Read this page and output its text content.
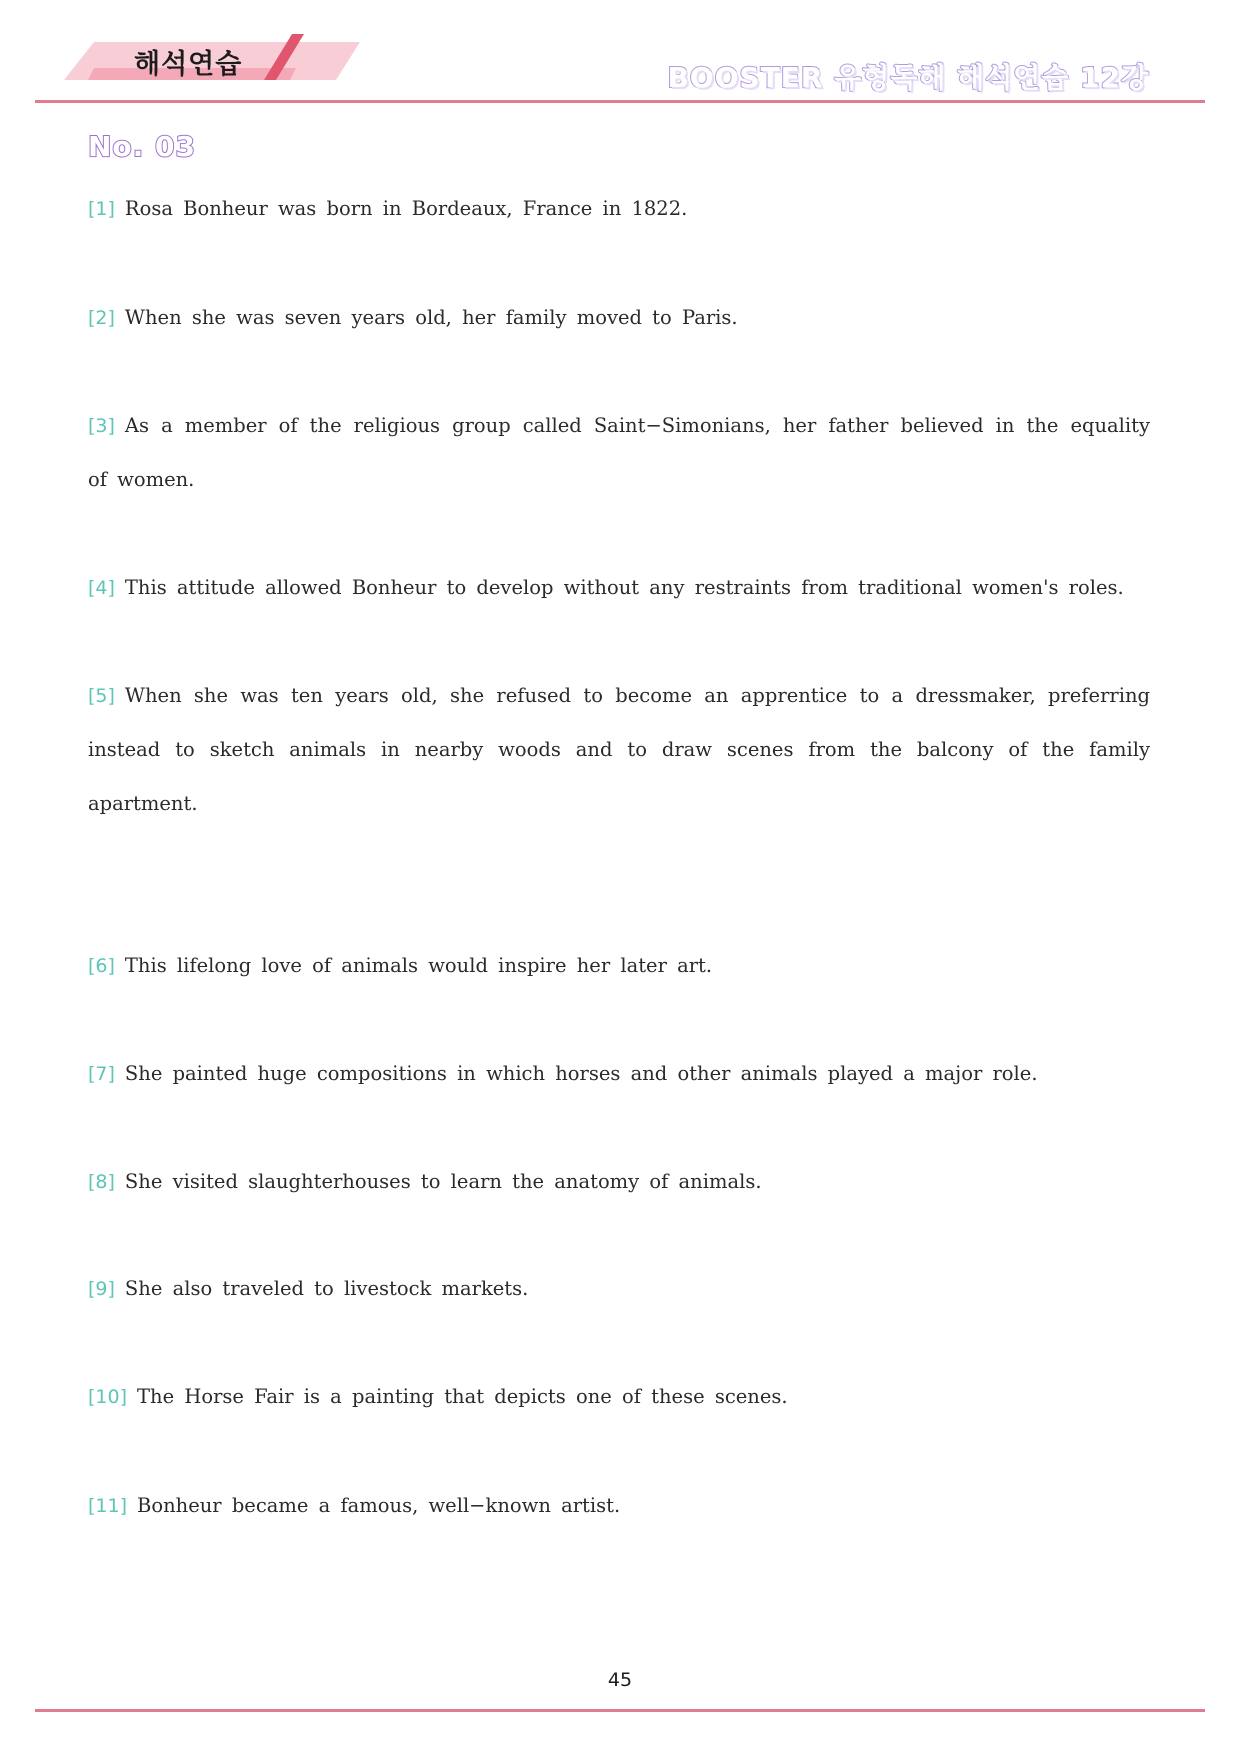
해석연습	BOOSTER 유형독해 해석연습 12강
No. 03
[1] Rosa Bonheur was born in Bordeaux, France in 1822.
[2] When she was seven years old, her family moved to Paris.
[3] As a member of the religious group called Saint−Simonians, her father believed in the equality of women.
[4] This attitude allowed Bonheur to develop without any restraints from traditional women's roles.
[5] When she was ten years old, she refused to become an apprentice to a dressmaker, preferring instead to sketch animals in nearby woods and to draw scenes from the balcony of the family apartment.
[6] This lifelong love of animals would inspire her later art.
[7] She painted huge compositions in which horses and other animals played a major role.
[8] She visited slaughterhouses to learn the anatomy of animals.
[9] She also traveled to livestock markets.
[10] The Horse Fair is a painting that depicts one of these scenes.
[11] Bonheur became a famous, well−known artist.
45
